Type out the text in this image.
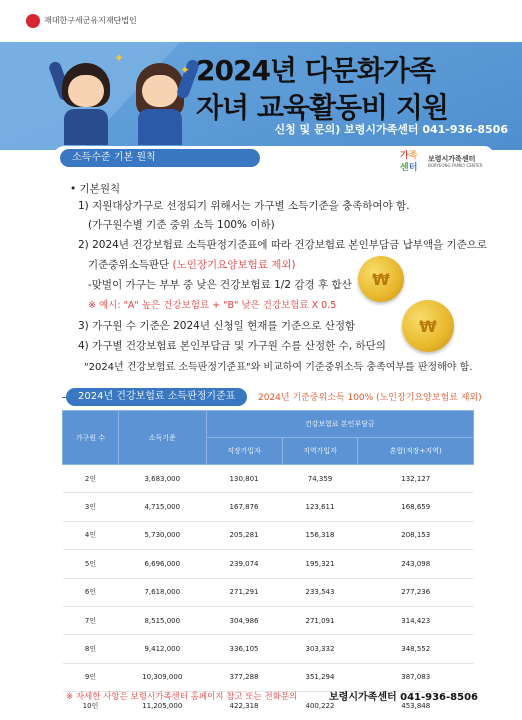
재대한구세군유지재단법인
✦
✦ 2024년 다문화가족
자녀 교육활동비 지원
신청 및 문의) 보령시가족센터 041-936-8506
소득수준 기본 원칙	가족
센터
보령시가족센터
BORYEONG FAMILY CENTER
• 기본원칙
1) 지원대상가구로 선정되기 위해서는 가구별 소득기준을 충족하여야 함.
(가구원수별 기준 중위 소득 100% 이하)
2) 2024년 건강보험료 소득판정기준표에 따라 건강보험료 본인부담금 납부액을 기준으로
기준중위소득판단 (노인장기요양보험료 제외)
-맞벌이 가구는 부부 중 낮은 건강보험료 1/2 감경 후 합산
※ 예시: "A" 높은 건강보험료 + "B" 낮은 건강보험료 X 0.5
3) 가구원 수 기준은 2024년 신청일 현재를 기준으로 산정함
4) 가구별 건강보험료 본인부담금 및 가구원 수를 산정한 수, 하단의
"2024년 건강보험료 소득판정기준표"와 비교하여 기준중위소득 충족여부를 판정해야 함.
₩
₩
2024년 건강보험료 소득판정기준표	2024년 기준중위소득 100% (노인장기요양보험료 제외)
가구원 수	소득기준	건강보험료 본인부담금		
		직장가입자	지역가입자	혼합(직장+지역)
2인	3,683,000	130,801	74,359	132,127
3인	4,715,000	167,876	123,611	168,659
4인	5,730,000	205,281	156,318	208,153
5인	6,696,000	239,074	195,321	243,098
6인	7,618,000	271,291	233,543	277,236
7인	8,515,000	304,986	271,091	314,423
8인	9,412,000	336,105	303,332	348,552
9인	10,309,000	377,288	351,294	387,083
10인	11,205,000	422,318	400,222	453,848
※ 자세한 사항은 보령시가족센터 홈페이지 참고 또는 전화문의	보령시가족센터 041-936-8506
